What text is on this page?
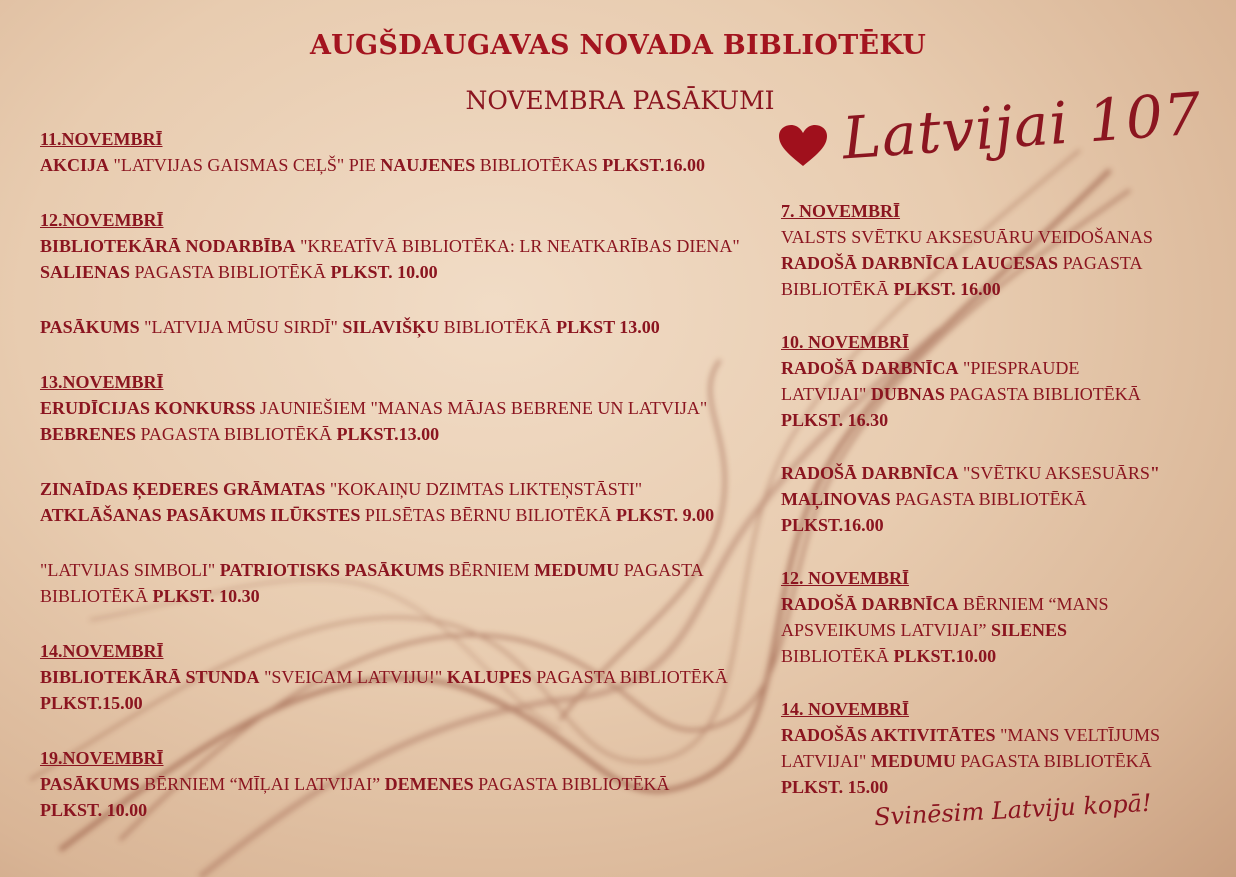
AUGŠDAUGAVAS NOVADA BIBLIOTĒKU
NOVEMBRA PASĀKUMI	Latvijai 107
11.NOVEMBRĪ
AKCIJA "LATVIJAS GAISMAS CEĻŠ" PIE NAUJENES BIBLIOTĒKAS PLKST.16.00
12.NOVEMBRĪ
BIBLIOTEKĀRĀ NODARBĪBA "KREATĪVĀ BIBLIOTĒKA: LR NEATKARĪBAS DIENA"
SALIENAS PAGASTA BIBLIOTĒKĀ PLKST. 10.00
PASĀKUMS "LATVIJA MŪSU SIRDĪ" SILAVIŠĶU BIBLIOTĒKĀ PLKST 13.00
13.NOVEMBRĪ
ERUDĪCIJAS KONKURSS JAUNIEŠIEM "MANAS MĀJAS BEBRENE UN LATVIJA"
BEBRENES PAGASTA BIBLIOTĒKĀ PLKST.13.00
ZINAĪDAS ĶEDERES GRĀMATAS "KOKAIŅU DZIMTAS LIKTEŅSTĀSTI"
ATKLĀŠANAS PASĀKUMS ILŪKSTES PILSĒTAS BĒRNU BILIOTĒKĀ PLKST. 9.00
"LATVIJAS SIMBOLI" PATRIOTISKS PASĀKUMS BĒRNIEM MEDUMU PAGASTA
BIBLIOTĒKĀ PLKST. 10.30
14.NOVEMBRĪ
BIBLIOTEKĀRĀ STUNDA "SVEICAM LATVIJU!" KALUPES PAGASTA BIBLIOTĒKĀ
PLKST.15.00
19.NOVEMBRĪ
PASĀKUMS BĒRNIEM “MĪĻAI LATVIJAI” DEMENES PAGASTA BIBLIOTĒKĀ
PLKST. 10.00
7. NOVEMBRĪ
VALSTS SVĒTKU AKSESUĀRU VEIDOŠANAS
RADOŠĀ DARBNĪCA LAUCESAS PAGASTA
BIBLIOTĒKĀ PLKST. 16.00
10. NOVEMBRĪ
RADOŠĀ DARBNĪCA "PIESPRAUDE
LATVIJAI" DUBNAS PAGASTA BIBLIOTĒKĀ
PLKST. 16.30
RADOŠĀ DARBNĪCA "SVĒTKU AKSESUĀRS"
MAĻINOVAS PAGASTA BIBLIOTĒKĀ
PLKST.16.00
12. NOVEMBRĪ
RADOŠĀ DARBNĪCA BĒRNIEM “MANS
APSVEIKUMS LATVIJAI” SILENES
BIBLIOTĒKĀ PLKST.10.00
14. NOVEMBRĪ
RADOŠĀS AKTIVITĀTES "MANS VELTĪJUMS
LATVIJAI" MEDUMU PAGASTA BIBLIOTĒKĀ
PLKST. 15.00
Svinēsim Latviju kopā!
